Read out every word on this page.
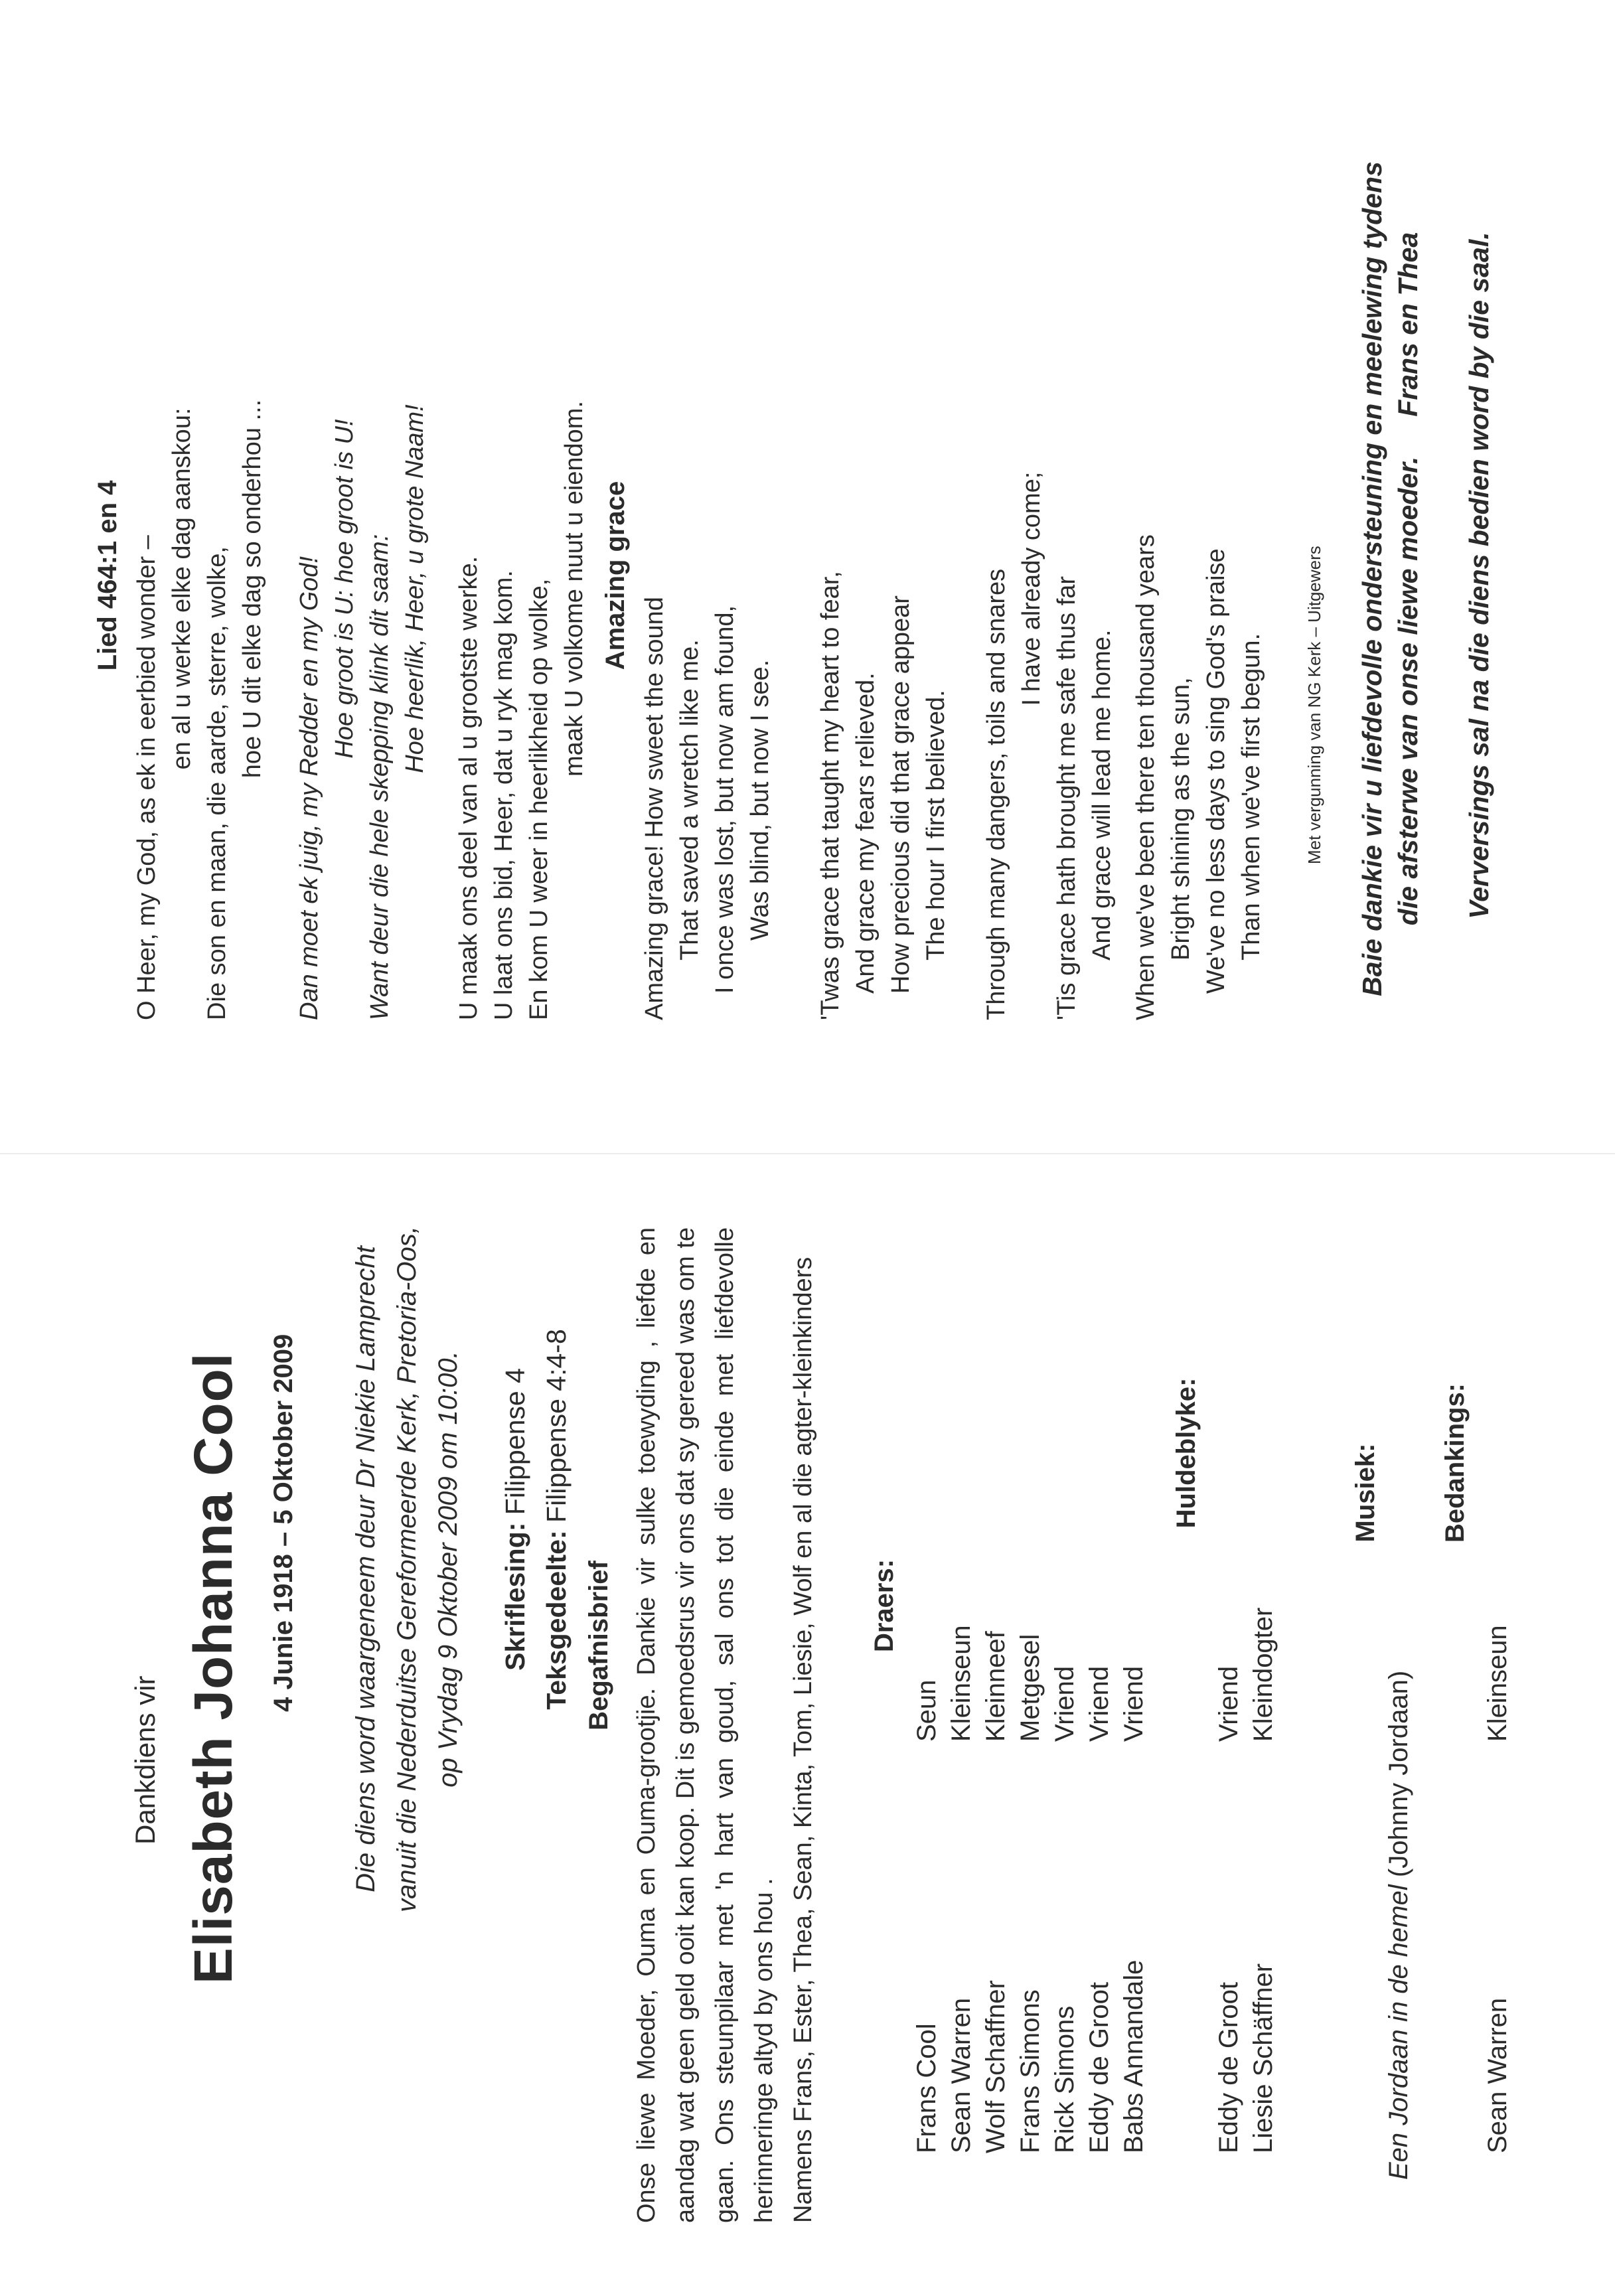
Dankdiens vir Elisabeth Johanna Cool 4 Junie 1918 – 5 Oktober 2009 Die diens word waargeneem deur Dr Niekie Lamprecht vanuit die Nederduitse Gereformeerde Kerk, Pretoria-Oos, op Vrydag 9 Oktober 2009 om 10:00. Skriflesing: Filippense 4
Teksgedeelte: Filippense 4:4-8
Begafnisbrief Onse liewe Moeder, Ouma en Ouma-grootjie. Dankie vir sulke toewyding , liefde en aandag wat geen geld ooit kan koop. Dit is gemoedsrus vir ons dat sy gereed was om te gaan. Ons steunpilaar met 'n hart van goud, sal ons tot die einde met liefdevolle herinneringe altyd by ons hou . Namens Frans, Ester, Thea, Sean, Kinta, Tom, Liesie, Wolf en al die agter-kleinkinders Draers:
Frans Cool
Seun
Sean Warren
Kleinseun
Wolf Schaffner
Kleinneef
Frans Simons
Metgesel
Rick Simons
Vriend
Eddy de Groot
Vriend
Babs Annandale
Vriend
Huldeblyke:
Eddy de Groot
Vriend
Liesie Schäffner
Kleindogter
Musiek:
Een Jordaan in de hemel (Johnny Jordaan)
Bedankings:
Sean Warren
Kleinseun
Lied 464:1 en 4 O Heer, my God, as ek in eerbied wonder – en al u werke elke dag aanskou: Die son en maan, die aarde, sterre, wolke, hoe U dit elke dag so onderhou ... Dan moet ek juig, my Redder en my God! Hoe groot is U: hoe groot is U! Want deur die hele skepping klink dit saam: Hoe heerlik, Heer, u grote Naam! U maak ons deel van al u grootste werke. U laat ons bid, Heer, dat u ryk mag kom. En kom U weer in heerlikheid op wolke, maak U volkome nuut u eiendom. Amazing grace
Amazing grace! How sweet the sound That saved a wretch like me. I once was lost, but now am found, Was blind, but now I see. 'Twas grace that taught my heart to fear, And grace my fears relieved. How precious did that grace appear The hour I first believed. Through many dangers, toils and snares I have already come; 'Tis grace hath brought me safe thus far And grace will lead me home. When we've been there ten thousand years Bright shining as the sun, We've no less days to sing God's praise Than when we've first begun. Met vergunning van NG Kerk – Uitgewers Baie dankie vir u liefdevolle ondersteuning en meelewing tydens die afsterwe van onse liewe moeder.Frans en Thea Verversings sal na die diens bedien word by die saal.
